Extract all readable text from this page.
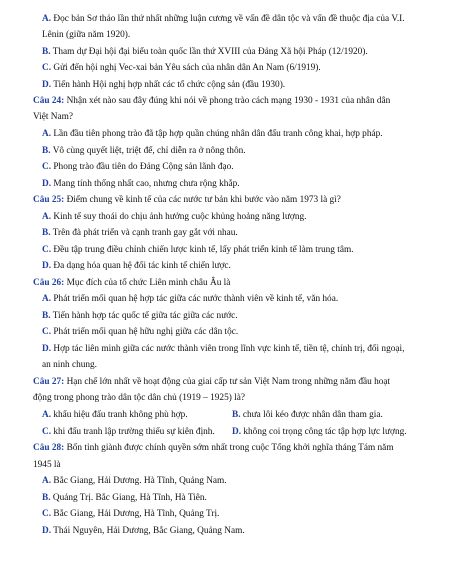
A. Đọc bản Sơ thảo lần thứ nhất những luận cương về vấn đề dân tộc và vấn đề thuộc địa của V.I.
Lênin (giữa năm 1920).
B. Tham dự Đại hội đại biểu toàn quốc lần thứ XVIII của Đảng Xã hội Pháp (12/1920).
C. Gửi đến hội nghị Vec-xai bản Yêu sách của nhân dân An Nam (6/1919).
D. Tiến hành Hội nghị hợp nhất các tổ chức cộng sản (đầu 1930).
Câu 24: Nhận xét nào sau đây đúng khi nói về phong trào cách mạng 1930 - 1931 của nhân dân
Việt Nam?
A. Lần đầu tiên phong trào đã tập hợp quần chúng nhân dân đấu tranh công khai, hợp pháp.
B. Vô cùng quyết liệt, triệt để, chỉ diễn ra ở nông thôn.
C. Phong trào đầu tiên do Đảng Cộng sản lãnh đạo.
D. Mang tính thống nhất cao, nhưng chưa rộng khắp.
Câu 25: Điểm chung về kinh tế của các nước tư bản khi bước vào năm 1973 là gì?
A. Kinh tế suy thoái do chịu ảnh hưởng cuộc khủng hoảng năng lượng.
B. Trên đà phát triển và cạnh tranh gay gắt với nhau.
C. Đều tập trung điều chỉnh chiến lược kinh tế, lấy phát triển kinh tế làm trung tâm.
D. Đa dạng hóa quan hệ đối tác kinh tế chiến lược.
Câu 26: Mục đích của tổ chức Liên minh châu Âu là
A. Phát triển mối quan hệ hợp tác giữa các nước thành viên về kinh tế, văn hóa.
B. Tiến hành hợp tác quốc tế giữa tác giữa các nước.
C. Phát triển mối quan hệ hữu nghị giữa các dân tộc.
D. Hợp tác liên minh giữa các nước thành viên trong lĩnh vực kinh tế, tiền tệ, chính trị, đối ngoại,
an ninh chung.
Câu 27: Hạn chế lớn nhất về hoạt động của giai cấp tư sản Việt Nam trong những năm đầu hoạt
động trong phong trào dân tộc dân chủ (1919 – 1925) là?
A. khẩu hiệu đấu tranh không phù hợp.	B. chưa lôi kéo được nhân dân tham gia.
C. khi đấu tranh lập trường thiếu sự kiên định. D. không coi trọng công tác tập hợp lực lượng.
Câu 28: Bốn tỉnh giành được chính quyền sớm nhất trong cuộc Tổng khởi nghĩa tháng Tám năm
1945 là
A. Bắc Giang, Hải Dương. Hà Tĩnh, Quảng Nam.
B. Quảng Trị. Bắc Giang, Hà Tĩnh, Hà Tiên.
C. Bắc Giang, Hải Dương, Hà Tĩnh, Quảng Trị.
D. Thái Nguyên, Hải Dương, Bắc Giang, Quảng Nam.
